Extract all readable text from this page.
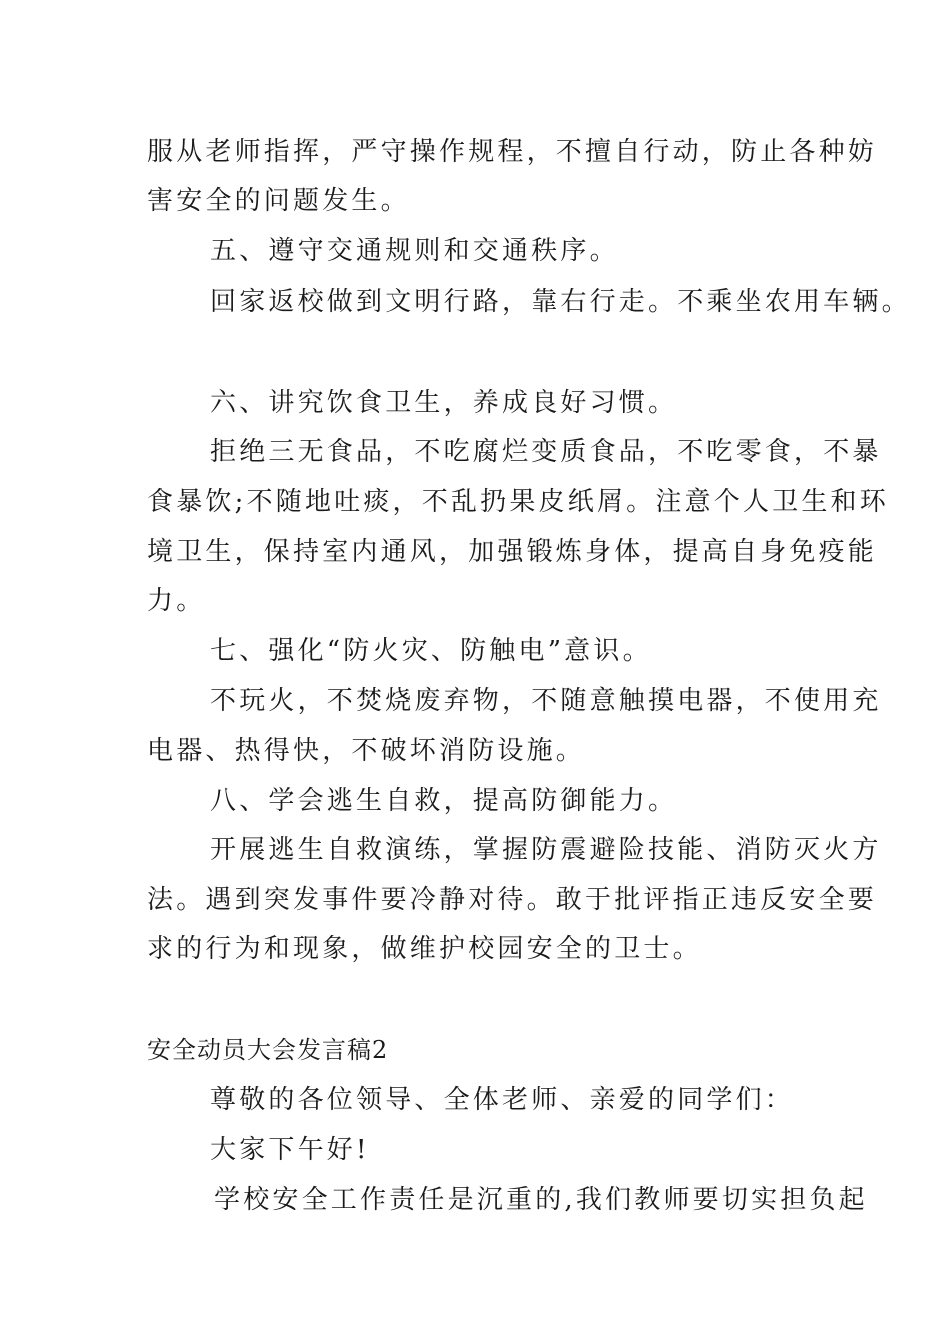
服从老师指挥，严守操作规程，不擅自行动，防止各种妨
害安全的问题发生。
五、遵守交通规则和交通秩序。
回家返校做到文明行路，靠右行走。不乘坐农用车辆。
六、讲究饮食卫生，养成良好习惯。
拒绝三无食品，不吃腐烂变质食品，不吃零食，不暴
食暴饮;不随地吐痰，不乱扔果皮纸屑。注意个人卫生和环
境卫生，保持室内通风，加强锻炼身体，提高自身免疫能
力。
七、强化“防火灾、防触电”意识。
不玩火，不焚烧废弃物，不随意触摸电器，不使用充
电器、热得快，不破坏消防设施。
八、学会逃生自救，提高防御能力。
开展逃生自救演练，掌握防震避险技能、消防灭火方
法。遇到突发事件要冷静对待。敢于批评指正违反安全要
求的行为和现象，做维护校园安全的卫士。
安全动员大会发言稿2
尊敬的各位领导、全体老师、亲爱的同学们：
大家下午好!
学校安全工作责任是沉重的,我们教师要切实担负起
